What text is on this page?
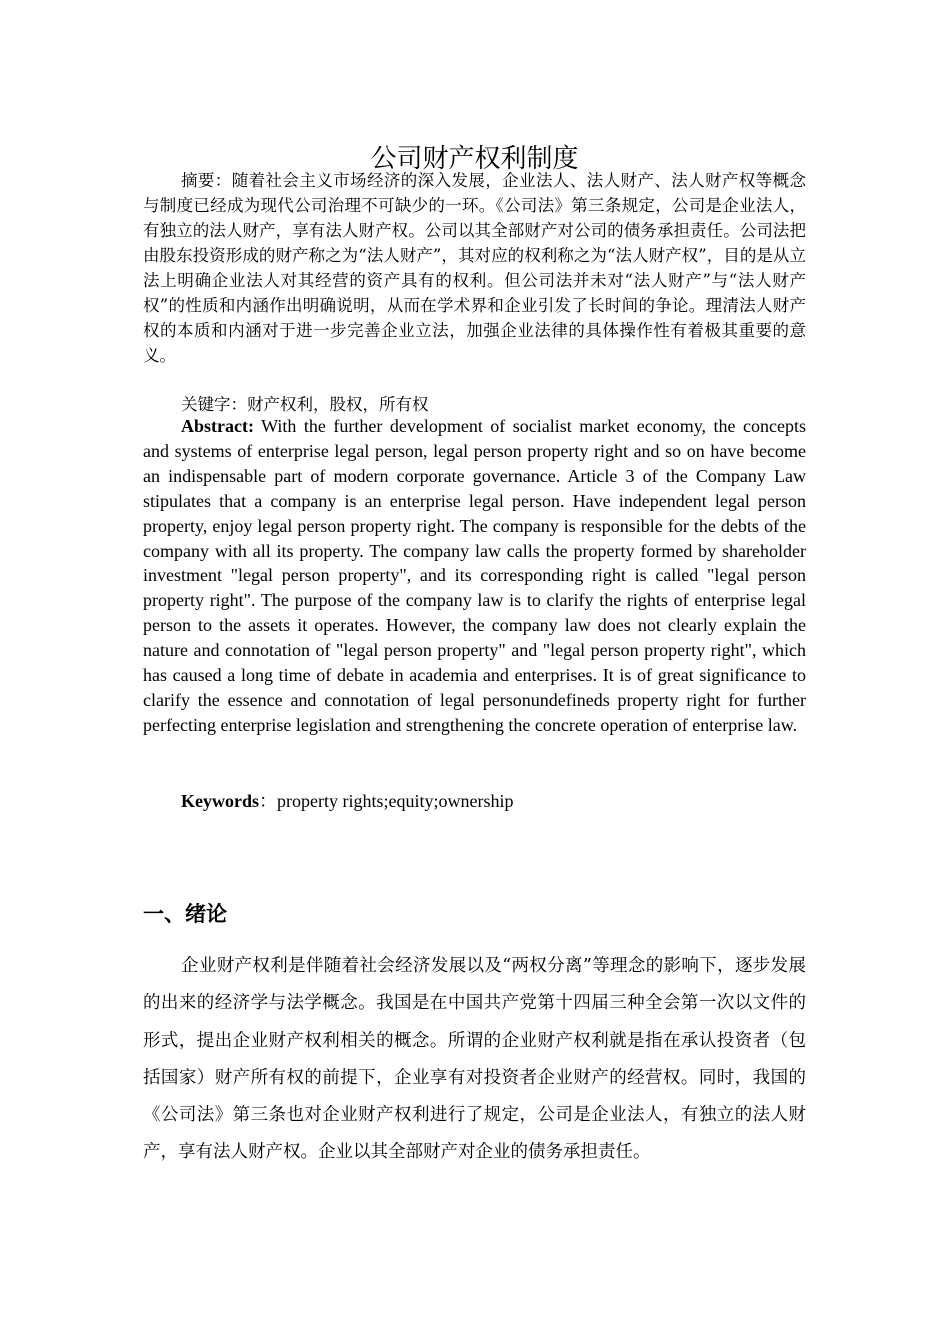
公司财产权利制度

摘要：随着社会主义市场经济的深入发展，企业法人、法人财产、法人财产权等概念与制度已经成为现代公司治理不可缺少的一环。《公司法》第三条规定，公司是企业法人，有独立的法人财产，享有法人财产权。公司以其全部财产对公司的债务承担责任。公司法把由股东投资形成的财产称之为“法人财产”，其对应的权利称之为“法人财产权”，目的是从立法上明确企业法人对其经营的资产具有的权利。但公司法并未对“法人财产”与“法人财产权”的性质和内涵作出明确说明，从而在学术界和企业引发了长时间的争论。理清法人财产权的本质和内涵对于进一步完善企业立法，加强企业法律的具体操作性有着极其重要的意义。

关键字：财产权利，股权，所有权

Abstract: With the further development of socialist market economy, the concepts and systems of enterprise legal person, legal person property right and so on have become an indispensable part of modern corporate governance. Article 3 of the Company Law stipulates that a company is an enterprise legal person. Have independent legal person property, enjoy legal person property right. The company is responsible for the debts of the company with all its property. The company law calls the property formed by shareholder investment "legal person property", and its corresponding right is called "legal person property right". The purpose of the company law is to clarify the rights of enterprise legal person to the assets it operates. However, the company law does not clearly explain the nature and connotation of "legal person property" and "legal person property right", which has caused a long time of debate in academia and enterprises. It is of great significance to clarify the essence and connotation of legal personundefineds property right for further perfecting enterprise legislation and strengthening the concrete operation of enterprise law.

Keywords：property rights;equity;ownership

一、绪论

企业财产权利是伴随着社会经济发展以及“两权分离”等理念的影响下，逐步发展的出来的经济学与法学概念。我国是在中国共产党第十四届三种全会第一次以文件的形式，提出企业财产权利相关的概念。所谓的企业财产权利就是指在承认投资者（包括国家）财产所有权的前提下，企业享有对投资者企业财产的经营权。同时，我国的《公司法》第三条也对企业财产权利进行了规定，公司是企业法人，有独立的法人财产，享有法人财产权。企业以其全部财产对企业的债务承担责任。
